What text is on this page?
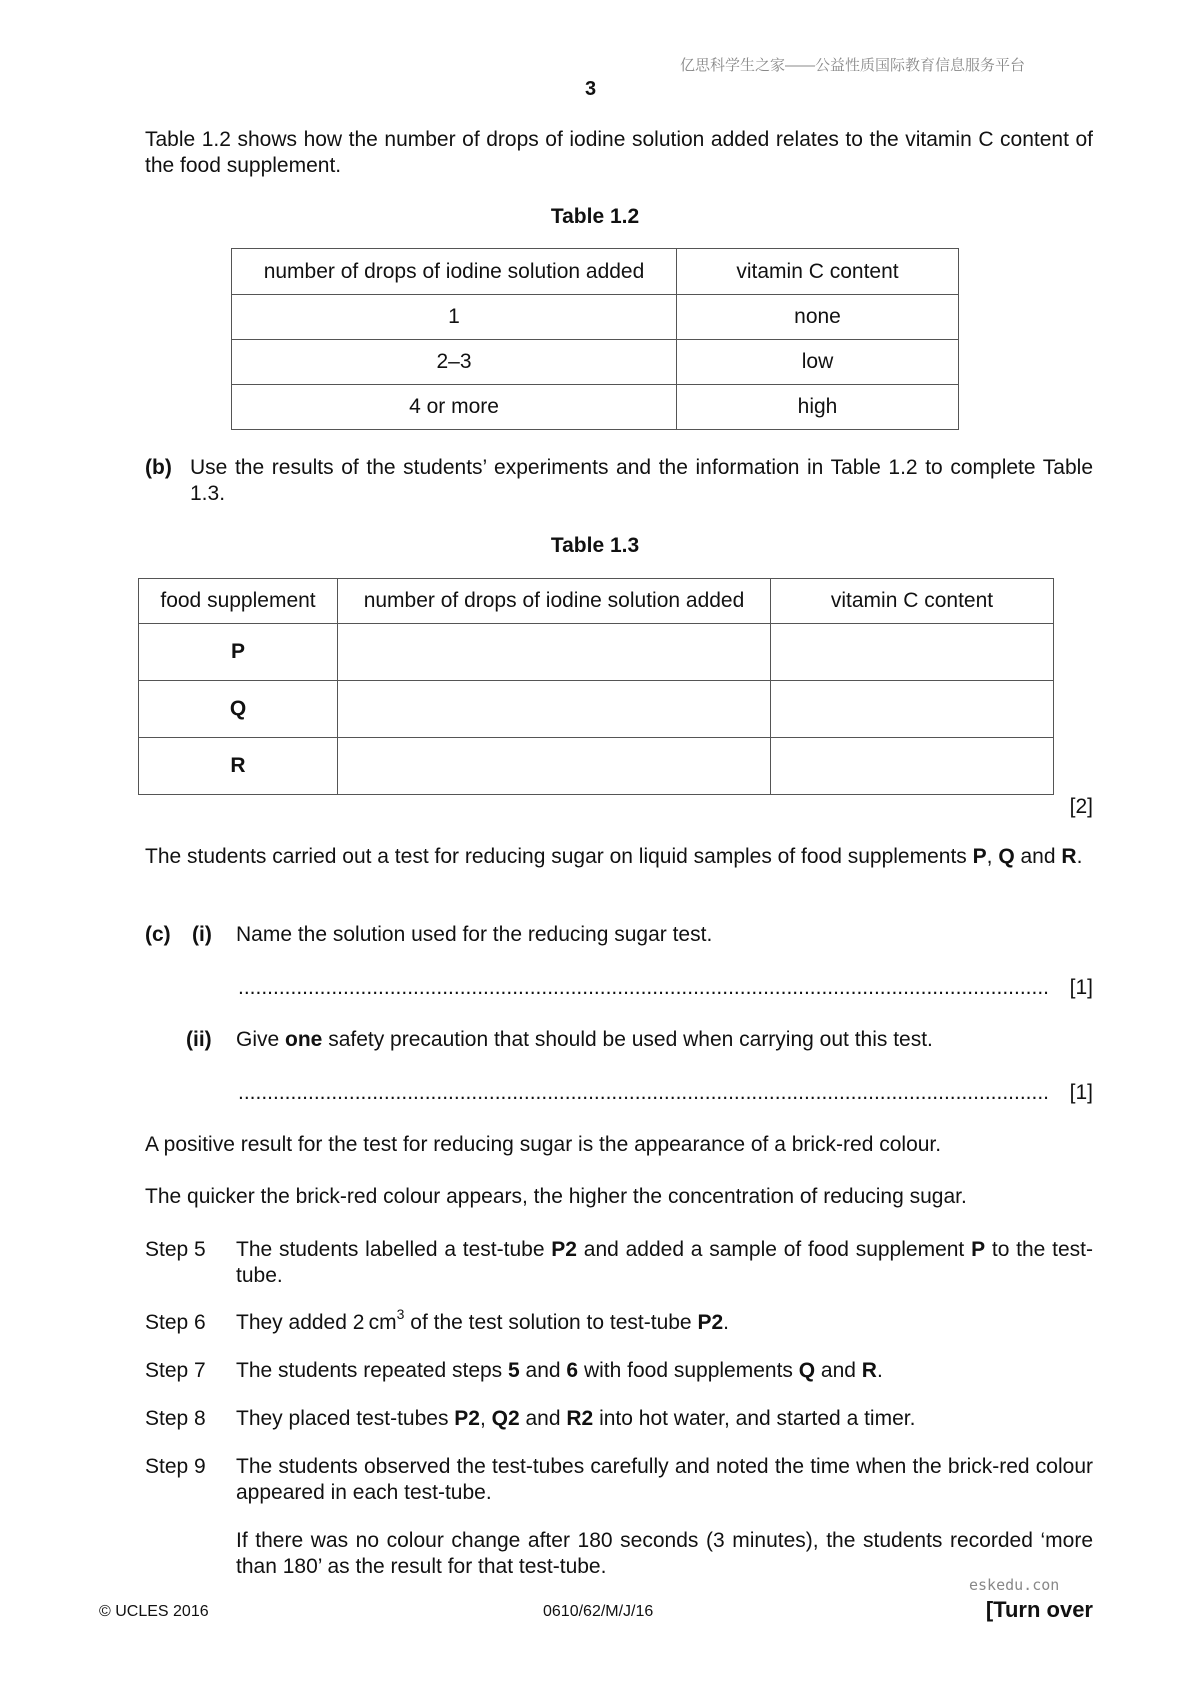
亿思科学生之家——公益性质国际教育信息服务平台
3
Table 1.2 shows how the number of drops of iodine solution added relates to the vitamin C content of the food supplement.
Table 1.2
number of drops of iodine solution added	vitamin C content
1	none
2–3	low
4 or more	high
(b) Use the results of the students’ experiments and the information in Table 1.2 to complete Table 1.3.
Table 1.3
food supplement	number of drops of iodine solution added	vitamin C content
P		
Q		
R		
[2]
The students carried out a test for reducing sugar on liquid samples of food supplements P, Q and R.
(c) (i) Name the solution used for the reducing sugar test.
........................................................................................................................................... [1]
(ii) Give one safety precaution that should be used when carrying out this test.
........................................................................................................................................... [1]
A positive result for the test for reducing sugar is the appearance of a brick-red colour.
The quicker the brick-red colour appears, the higher the concentration of reducing sugar.
Step 5 The students labelled a test-tube P2 and added a sample of food supplement P to the test-tube.
Step 6 They added 2 $cm^3$ of the test solution to test-tube P2.
Step 7 The students repeated steps 5 and 6 with food supplements Q and R.
Step 8 They placed test-tubes P2, Q2 and R2 into hot water, and started a timer.
Step 9 The students observed the test-tubes carefully and noted the time when the brick-red colour appeared in each test-tube.
If there was no colour change after 180 seconds (3 minutes), the students recorded ‘more than 180’ as the result for that test-tube.
eskedu.con
© UCLES 2016	0610/62/M/J/16	[Turn over
